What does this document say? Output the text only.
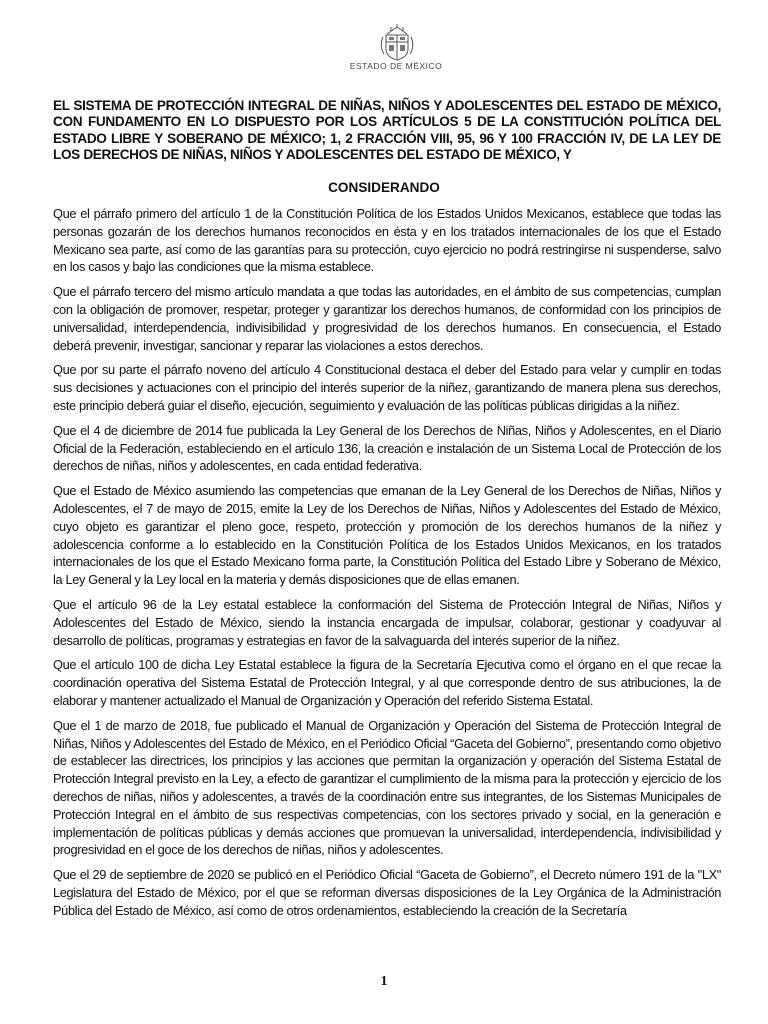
ESTADO DE MÉXICO

EL SISTEMA DE PROTECCIÓN INTEGRAL DE NIÑAS, NIÑOS Y ADOLESCENTES DEL ESTADO DE MÉXICO, CON FUNDAMENTO EN LO DISPUESTO POR LOS ARTÍCULOS 5 DE LA CONSTITUCIÓN POLÍTICA DEL ESTADO LIBRE Y SOBERANO DE MÉXICO; 1, 2 FRACCIÓN VIII, 95, 96 Y 100 FRACCIÓN IV, DE LA LEY DE LOS DERECHOS DE NIÑAS, NIÑOS Y ADOLESCENTES DEL ESTADO DE MÉXICO, Y

CONSIDERANDO

Que el párrafo primero del artículo 1 de la Constitución Política de los Estados Unidos Mexicanos, establece que todas las personas gozarán de los derechos humanos reconocidos en ésta y en los tratados internacionales de los que el Estado Mexicano sea parte, así como de las garantías para su protección, cuyo ejercicio no podrá restringirse ni suspenderse, salvo en los casos y bajo las condiciones que la misma establece.

Que el párrafo tercero del mismo artículo mandata a que todas las autoridades, en el ámbito de sus competencias, cumplan con la obligación de promover, respetar, proteger y garantizar los derechos humanos, de conformidad con los principios de universalidad, interdependencia, indivisibilidad y progresividad de los derechos humanos. En consecuencia, el Estado deberá prevenir, investigar, sancionar y reparar las violaciones a estos derechos.

Que por su parte el párrafo noveno del artículo 4 Constitucional destaca el deber del Estado para velar y cumplir en todas sus decisiones y actuaciones con el principio del interés superior de la niñez, garantizando de manera plena sus derechos, este principio deberá guiar el diseño, ejecución, seguimiento y evaluación de las políticas públicas dirigidas a la niñez.

Que el 4 de diciembre de 2014 fue publicada la Ley General de los Derechos de Niñas, Niños y Adolescentes, en el Diario Oficial de la Federación, estableciendo en el artículo 136, la creación e instalación de un Sistema Local de Protección de los derechos de niñas, niños y adolescentes, en cada entidad federativa.

Que el Estado de México asumiendo las competencias que emanan de la Ley General de los Derechos de Niñas, Niños y Adolescentes, el 7 de mayo de 2015, emite la Ley de los Derechos de Niñas, Niños y Adolescentes del Estado de México, cuyo objeto es garantizar el pleno goce, respeto, protección y promoción de los derechos humanos de la niñez y adolescencia conforme a lo establecido en la Constitución Política de los Estados Unidos Mexicanos, en los tratados internacionales de los que el Estado Mexicano forma parte, la Constitución Política del Estado Libre y Soberano de México, la Ley General y la Ley local en la materia y demás disposiciones que de ellas emanen.

Que el artículo 96 de la Ley estatal establece la conformación del Sistema de Protección Integral de Niñas, Niños y Adolescentes del Estado de México, siendo la instancia encargada de impulsar, colaborar, gestionar y coadyuvar al desarrollo de políticas, programas y estrategias en favor de la salvaguarda del interés superior de la niñez.

Que el artículo 100 de dicha Ley Estatal establece la figura de la Secretaría Ejecutiva como el órgano en el que recae la coordinación operativa del Sistema Estatal de Protección Integral, y al que corresponde dentro de sus atribuciones, la de elaborar y mantener actualizado el Manual de Organización y Operación del referido Sistema Estatal.

Que el 1 de marzo de 2018, fue publicado el Manual de Organización y Operación del Sistema de Protección Integral de Niñas, Niños y Adolescentes del Estado de México, en el Periódico Oficial “Gaceta del Gobierno”, presentando como objetivo de establecer las directrices, los principios y las acciones que permitan la organización y operación del Sistema Estatal de Protección Integral previsto en la Ley, a efecto de garantizar el cumplimiento de la misma para la protección y ejercicio de los derechos de niñas, niños y adolescentes, a través de la coordinación entre sus integrantes, de los Sistemas Municipales de Protección Integral en el ámbito de sus respectivas competencias, con los sectores privado y social, en la generación e implementación de políticas públicas y demás acciones que promuevan la universalidad, interdependencia, indivisibilidad y progresividad en el goce de los derechos de niñas, niños y adolescentes.

Que el 29 de septiembre de 2020 se publicó en el Periódico Oficial “Gaceta de Gobierno”, el Decreto número 191 de la "LX" Legislatura del Estado de México, por el que se reforman diversas disposiciones de la Ley Orgánica de la Administración Pública del Estado de México, así como de otros ordenamientos, estableciendo la creación de la Secretaría

1
